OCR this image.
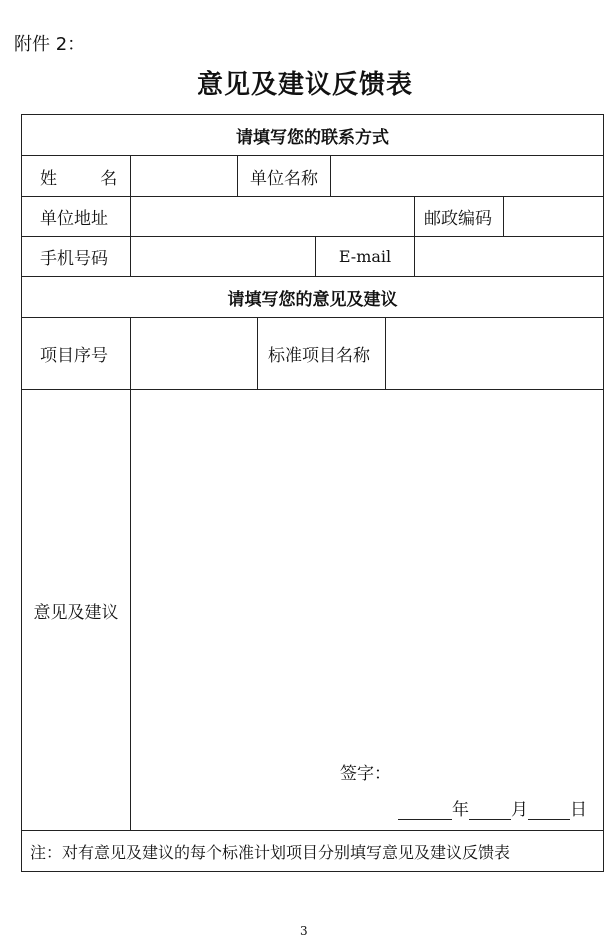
附件 2：
意见及建议反馈表
请填写您的联系方式
姓        名	单位名称
单位地址	邮政编码
手机号码	E-mail
请填写您的意见及建议
项目序号	标准项目名称
意见及建议
签字：
年 月 日
注：对有意见及建议的每个标准计划项目分别填写意见及建议反馈表
3
